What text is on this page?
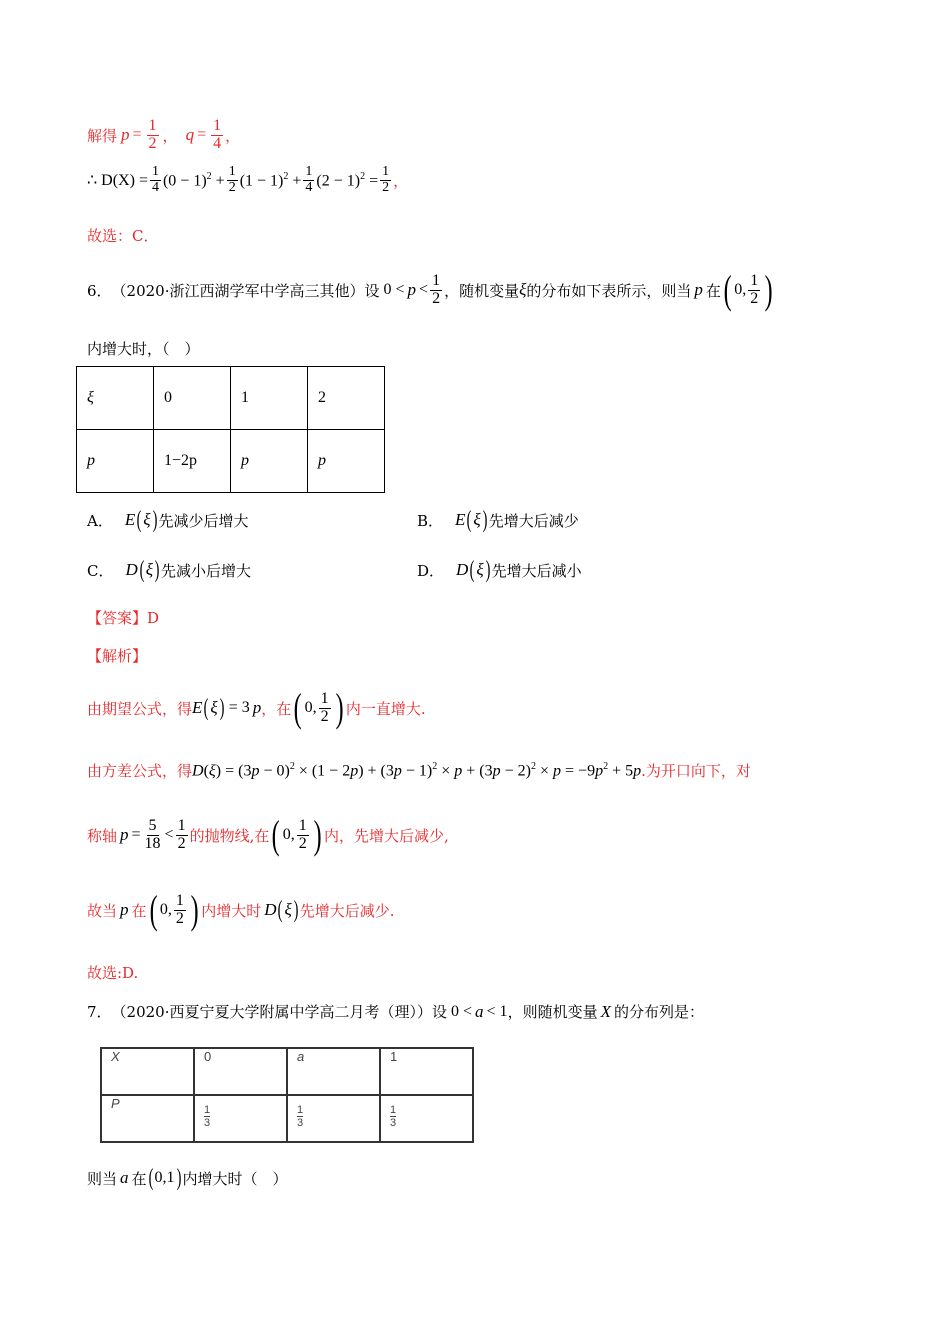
解得 $p = \frac{1}{2}$ ， $q = \frac{1}{4}$ ，
∴ $D(X) = \frac{1}{4} (0 - 1)^2 + \frac{1}{2} (1 - 1)^2 + \frac{1}{4} (2 - 1)^2 = \frac{1}{2}$ ，
故选：C．
6． （2020·浙江西湖学军中学高三其他）设 $0 < p < \frac{1}{2}$ ，随机变量 ξ 的分布如下表所示，则当 p 在 ( 0, $\frac{1}{2}$ )
内增大时，（　）
ξ	0	1	2
p	1−2p	p	p
A． E ( ξ ) 先减少后增大	B． E ( ξ ) 先增大后减少
C． D ( ξ ) 先减小后增大	D． D ( ξ ) 先增大后减小
【答案】D
【解析】
由期望公式，得 E ( ξ ) = 3 p ，在 ( 0, $\frac{1}{2}$ ) 内一直增大.
由方差公式，得 $D(\xi) = (3p - 0)^2 \times (1 - 2p) + (3p - 1)^2 \times p + (3p - 2)^2 \times p = -9p^2 + 5p$ .为开口向下，对
称轴 $p = \frac{5}{18} < \frac{1}{2}$ 的抛物线,在 ( 0, $\frac{1}{2}$ ) 内，先增大后减少,
故当 p 在 ( 0, $\frac{1}{2}$ ) 内增大时 D ( ξ ) 先增大后减少.
故选:D.
7． （2020·西夏宁夏大学附属中学高二月考（理））设 0 < a < 1 ，则随机变量 X 的分布列是：
X	0	a	1
P	$\frac{1}{3}$	$\frac{1}{3}$	$\frac{1}{3}$
则当 a 在 ( 0,1 ) 内增大时（　）
